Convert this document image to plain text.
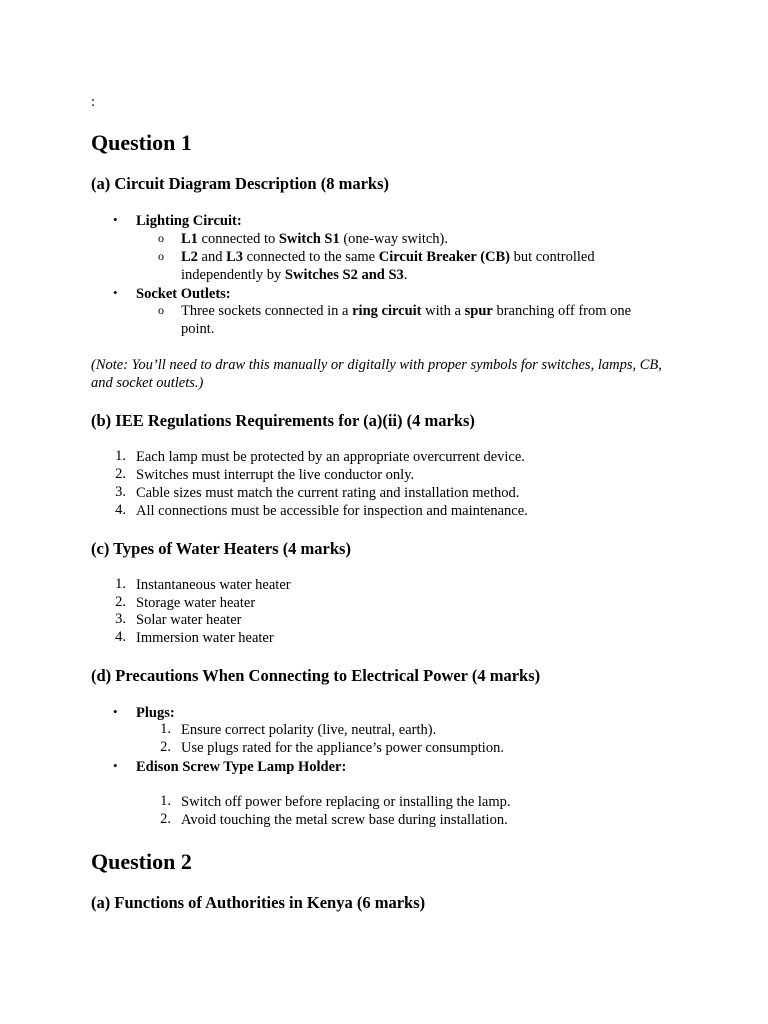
:
Question 1
(a) Circuit Diagram Description (8 marks)
• Lighting Circuit:
o L1 connected to Switch S1 (one-way switch).
o L2 and L3 connected to the same Circuit Breaker (CB) but controlled
independently by Switches S2 and S3.
• Socket Outlets:
o Three sockets connected in a ring circuit with a spur branching off from one
point.
(Note: You’ll need to draw this manually or digitally with proper symbols for switches, lamps, CB, and socket outlets.)
(b) IEE Regulations Requirements for (a)(ii) (4 marks)
1. Each lamp must be protected by an appropriate overcurrent device.
2. Switches must interrupt the live conductor only.
3. Cable sizes must match the current rating and installation method.
4. All connections must be accessible for inspection and maintenance.
(c) Types of Water Heaters (4 marks)
1. Instantaneous water heater
2. Storage water heater
3. Solar water heater
4. Immersion water heater
(d) Precautions When Connecting to Electrical Power (4 marks)
• Plugs:
1. Ensure correct polarity (live, neutral, earth).
2. Use plugs rated for the appliance’s power consumption.
• Edison Screw Type Lamp Holder:
1. Switch off power before replacing or installing the lamp.
2. Avoid touching the metal screw base during installation.
Question 2
(a) Functions of Authorities in Kenya (6 marks)
